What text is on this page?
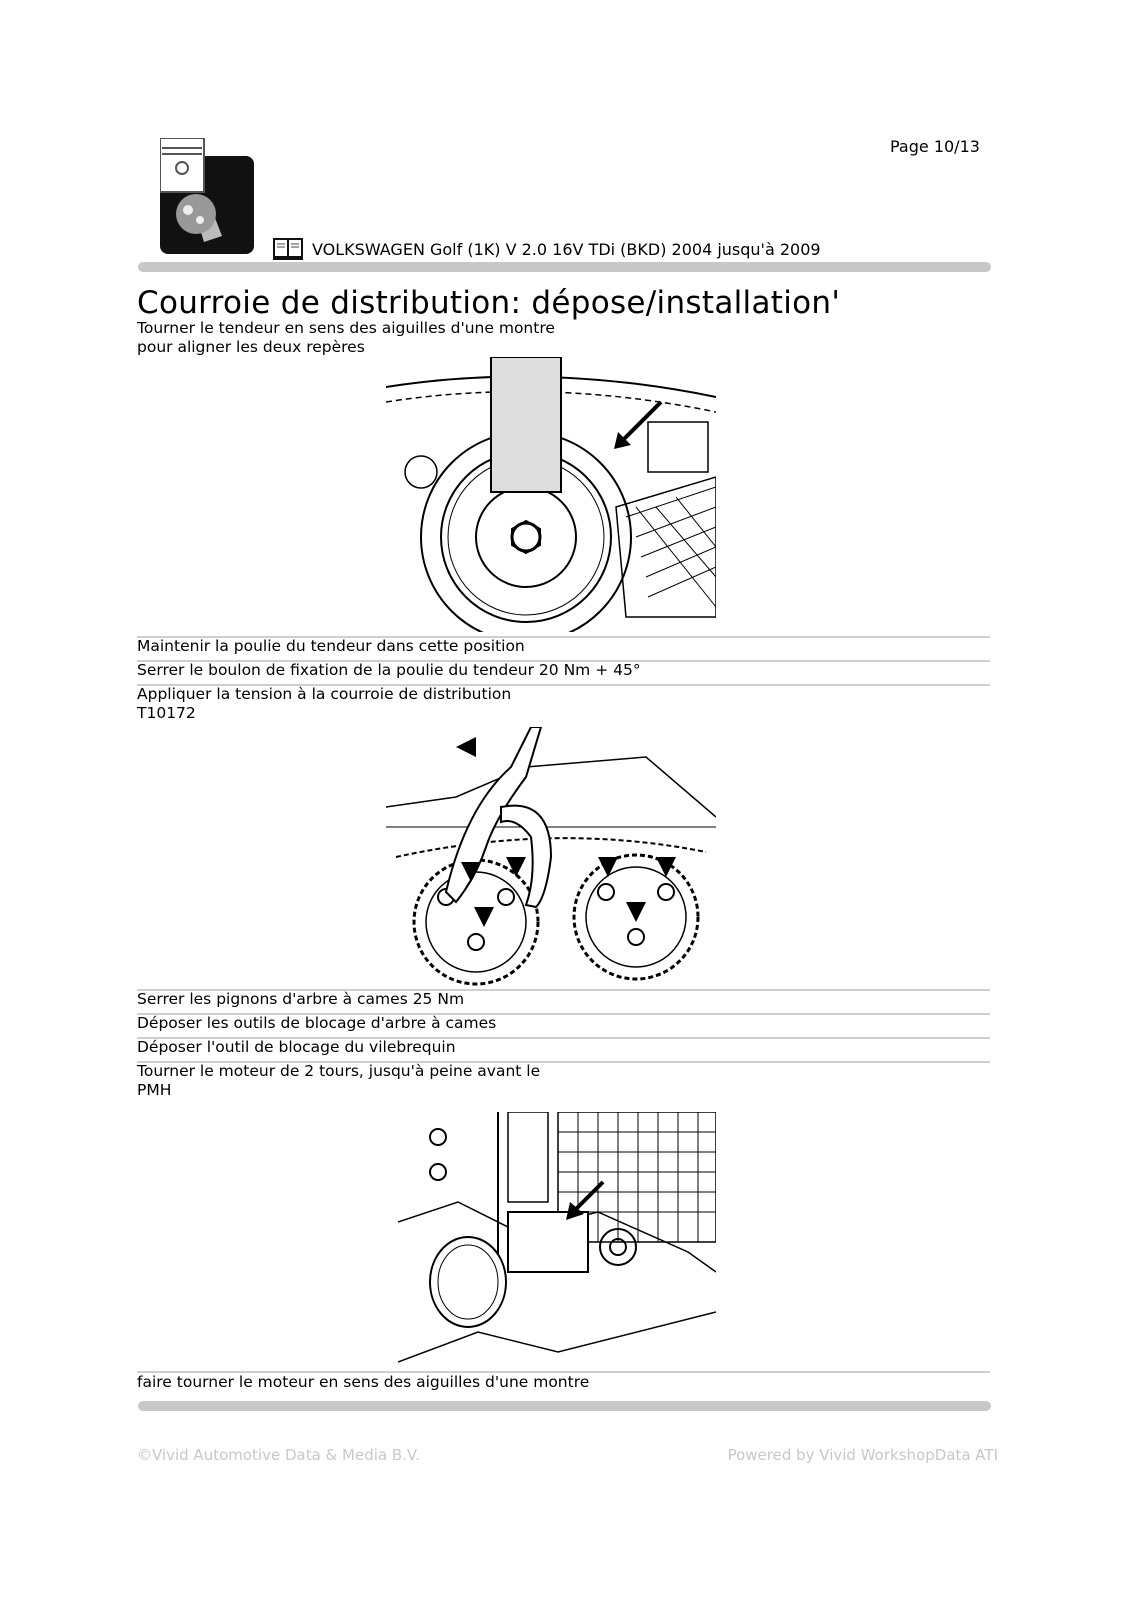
Page 10/13
VOLKSWAGEN Golf (1K) V 2.0 16V TDi (BKD) 2004 jusqu'à 2009
Courroie de distribution: dépose/installation'
Tourner le tendeur en sens des aiguilles d'une montre pour aligner les deux repères
Maintenir la poulie du tendeur dans cette position
Serrer le boulon de fixation de la poulie du tendeur 20 Nm + 45°
Appliquer la tension à la courroie de distribution T10172
Serrer les pignons d'arbre à cames 25 Nm
Déposer les outils de blocage d'arbre à cames
Déposer l'outil de blocage du vilebrequin
Tourner le moteur de 2 tours, jusqu'à peine avant le PMH
faire tourner le moteur en sens des aiguilles d'une montre
©Vivid Automotive Data & Media B.V.	Powered by Vivid WorkshopData ATI
